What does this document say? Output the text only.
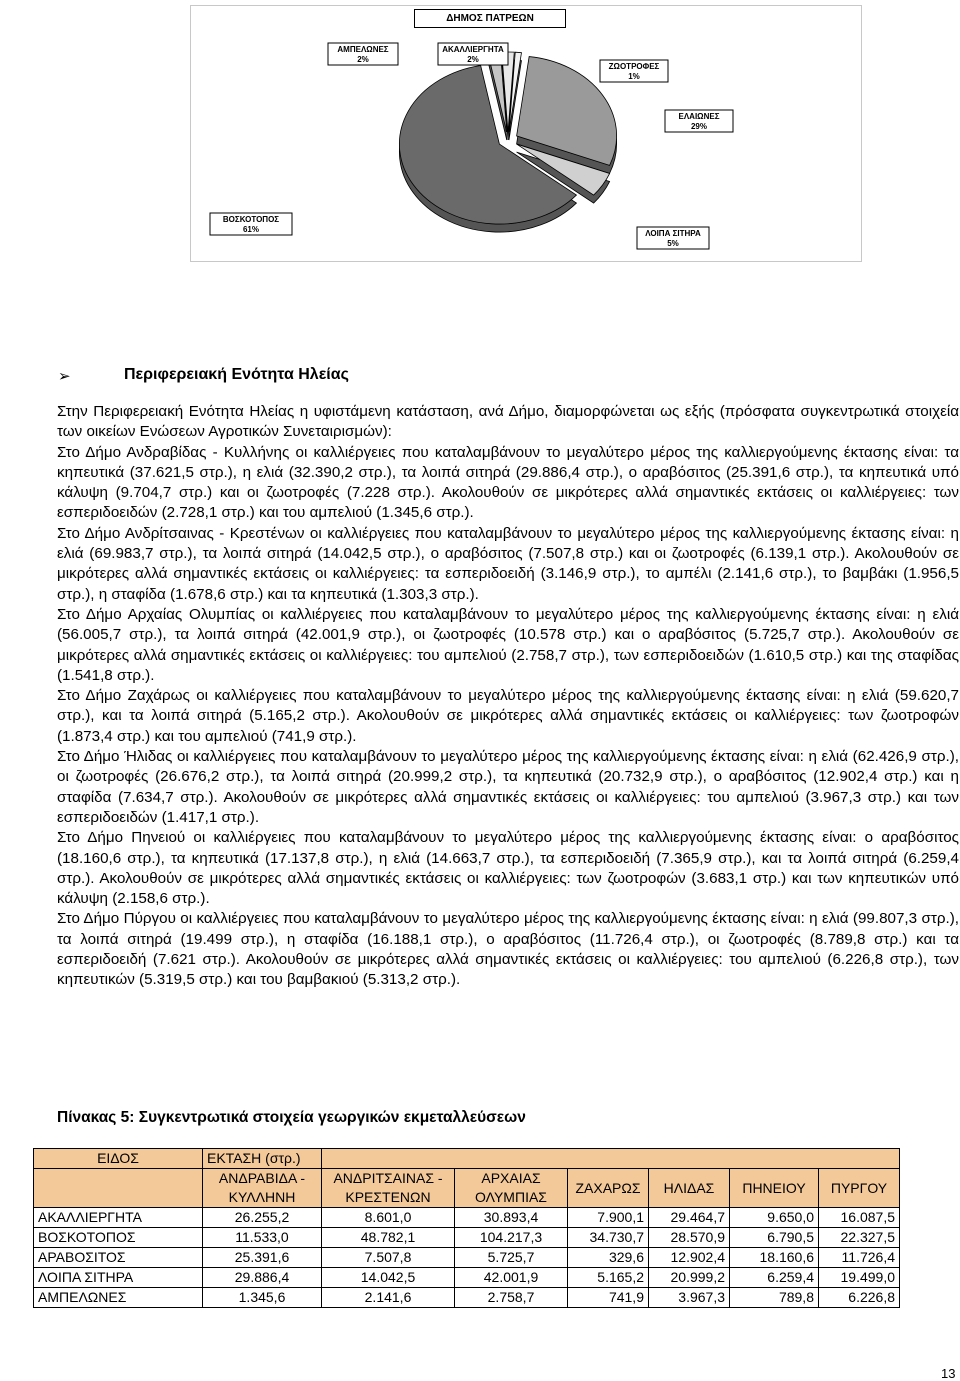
ΑΚΑΛΛΙΕΡΓΗΤΑ
2%
ΖΩΟΤΡΟΦΕΣ
1%
ΕΛΑΙΩΝΕΣ
29%
ΛΟΙΠΑ ΣΙΤΗΡΑ
5%
ΒΟΣΚΟΤΟΠΟΣ
61%
ΑΜΠΕΛΩΝΕΣ
2%
ΔΗΜΟΣ ΠΑΤΡΕΩΝ
➢	Περιφερειακή Ενότητα Ηλείας

Στην Περιφερειακή Ενότητα Ηλείας η υφιστάμενη κατάσταση, ανά Δήμο, διαμορφώνεται ως εξής (πρόσφατα συγκεντρωτικά στοιχεία των οικείων Ενώσεων Αγροτικών Συνεταιρισμών):

Στο Δήμο Ανδραβίδας - Κυλλήνης οι καλλιέργειες που καταλαμβάνουν το μεγαλύτερο μέρος της καλλιεργούμενης έκτασης είναι: τα κηπευτικά (37.621,5 στρ.), η ελιά (32.390,2 στρ.), τα λοιπά σιτηρά (29.886,4 στρ.), ο αραβόσιτος (25.391,6 στρ.), τα κηπευτικά υπό κάλυψη (9.704,7 στρ.) και οι ζωοτροφές (7.228 στρ.). Ακολουθούν σε μικρότερες αλλά σημαντικές εκτάσεις οι καλλιέργειες: των εσπεριδοειδών (2.728,1 στρ.) και του αμπελιού (1.345,6 στρ.).

Στο Δήμο Ανδρίτσαινας - Κρεστένων οι καλλιέργειες που καταλαμβάνουν το μεγαλύτερο μέρος της καλλιεργούμενης έκτασης είναι: η ελιά (69.983,7 στρ.), τα λοιπά σιτηρά (14.042,5 στρ.), ο αραβόσιτος (7.507,8 στρ.) και οι ζωοτροφές (6.139,1 στρ.). Ακολουθούν σε μικρότερες αλλά σημαντικές εκτάσεις οι καλλιέργειες: τα εσπεριδοειδή (3.146,9 στρ.), το αμπέλι (2.141,6 στρ.), το βαμβάκι (1.956,5 στρ.), η σταφίδα (1.678,6 στρ.) και τα κηπευτικά (1.303,3 στρ.).

Στο Δήμο Αρχαίας Ολυμπίας οι καλλιέργειες που καταλαμβάνουν το μεγαλύτερο μέρος της καλλιεργούμενης έκτασης είναι: η ελιά (56.005,7 στρ.), τα λοιπά σιτηρά (42.001,9 στρ.), οι ζωοτροφές (10.578 στρ.) και ο αραβόσιτος (5.725,7 στρ.). Ακολουθούν σε μικρότερες αλλά σημαντικές εκτάσεις οι καλλιέργειες: του αμπελιού (2.758,7 στρ.), των εσπεριδοειδών (1.610,5 στρ.) και της σταφίδας (1.541,8 στρ.).

Στο Δήμο Ζαχάρως οι καλλιέργειες που καταλαμβάνουν το μεγαλύτερο μέρος της καλλιεργούμενης έκτασης είναι: η ελιά (59.620,7 στρ.), και τα λοιπά σιτηρά (5.165,2 στρ.). Ακολουθούν σε μικρότερες αλλά σημαντικές εκτάσεις οι καλλιέργειες: των ζωοτροφών (1.873,4 στρ.) και του αμπελιού (741,9 στρ.).

Στο Δήμο Ήλιδας οι καλλιέργειες που καταλαμβάνουν το μεγαλύτερο μέρος της καλλιεργούμενης έκτασης είναι: η ελιά (62.426,9 στρ.), οι ζωοτροφές (26.676,2 στρ.), τα λοιπά σιτηρά (20.999,2 στρ.), τα κηπευτικά (20.732,9 στρ.), ο αραβόσιτος (12.902,4 στρ.) και η σταφίδα (7.634,7 στρ.). Ακολουθούν σε μικρότερες αλλά σημαντικές εκτάσεις οι καλλιέργειες: του αμπελιού (3.967,3 στρ.) και των εσπεριδοειδών (1.417,1 στρ.).

Στο Δήμο Πηνειού οι καλλιέργειες που καταλαμβάνουν το μεγαλύτερο μέρος της καλλιεργούμενης έκτασης είναι: ο αραβόσιτος (18.160,6 στρ.), τα κηπευτικά (17.137,8 στρ.), η ελιά (14.663,7 στρ.), τα εσπεριδοειδή (7.365,9 στρ.), και τα λοιπά σιτηρά (6.259,4 στρ.). Ακολουθούν σε μικρότερες αλλά σημαντικές εκτάσεις οι καλλιέργειες: των ζωοτροφών (3.683,1 στρ.) και των κηπευτικών υπό κάλυψη (2.158,6 στρ.).

Στο Δήμο Πύργου οι καλλιέργειες που καταλαμβάνουν το μεγαλύτερο μέρος της καλλιεργούμενης έκτασης είναι: η ελιά (99.807,3 στρ.), τα λοιπά σιτηρά (19.499 στρ.), η σταφίδα (16.188,1 στρ.), ο αραβόσιτος (11.726,4 στρ.), οι ζωοτροφές (8.789,8 στρ.) και τα εσπεριδοειδή (7.621 στρ.). Ακολουθούν σε μικρότερες αλλά σημαντικές εκτάσεις οι καλλιέργειες: του αμπελιού (6.226,8 στρ.), των κηπευτικών (5.319,5 στρ.) και του βαμβακιού (5.313,2 στρ.).

Πίνακας 5: Συγκεντρωτικά στοιχεία γεωργικών εκμεταλλεύσεων
ΕΙΔΟΣ	ΕΚΤΑΣΗ (στρ.)						
	ΑΝΔΡΑΒΙΔΑ - ΚΥΛΛΗΝΗ	ΑΝΔΡΙΤΣΑΙΝΑΣ - ΚΡΕΣΤΕΝΩΝ	ΑΡΧΑΙΑΣ ΟΛΥΜΠΙΑΣ	ΖΑΧΑΡΩΣ	ΗΛΙΔΑΣ	ΠΗΝΕΙΟΥ	ΠΥΡΓΟΥ
ΑΚΑΛΛΙΕΡΓΗΤΑ	26.255,2	8.601,0	30.893,4	7.900,1	29.464,7	9.650,0	16.087,5
ΒΟΣΚΟΤΟΠΟΣ	11.533,0	48.782,1	104.217,3	34.730,7	28.570,9	6.790,5	22.327,5
ΑΡΑΒΟΣΙΤΟΣ	25.391,6	7.507,8	5.725,7	329,6	12.902,4	18.160,6	11.726,4
ΛΟΙΠΑ ΣΙΤΗΡΑ	29.886,4	14.042,5	42.001,9	5.165,2	20.999,2	6.259,4	19.499,0
ΑΜΠΕΛΩΝΕΣ	1.345,6	2.141,6	2.758,7	741,9	3.967,3	789,8	6.226,8
13
